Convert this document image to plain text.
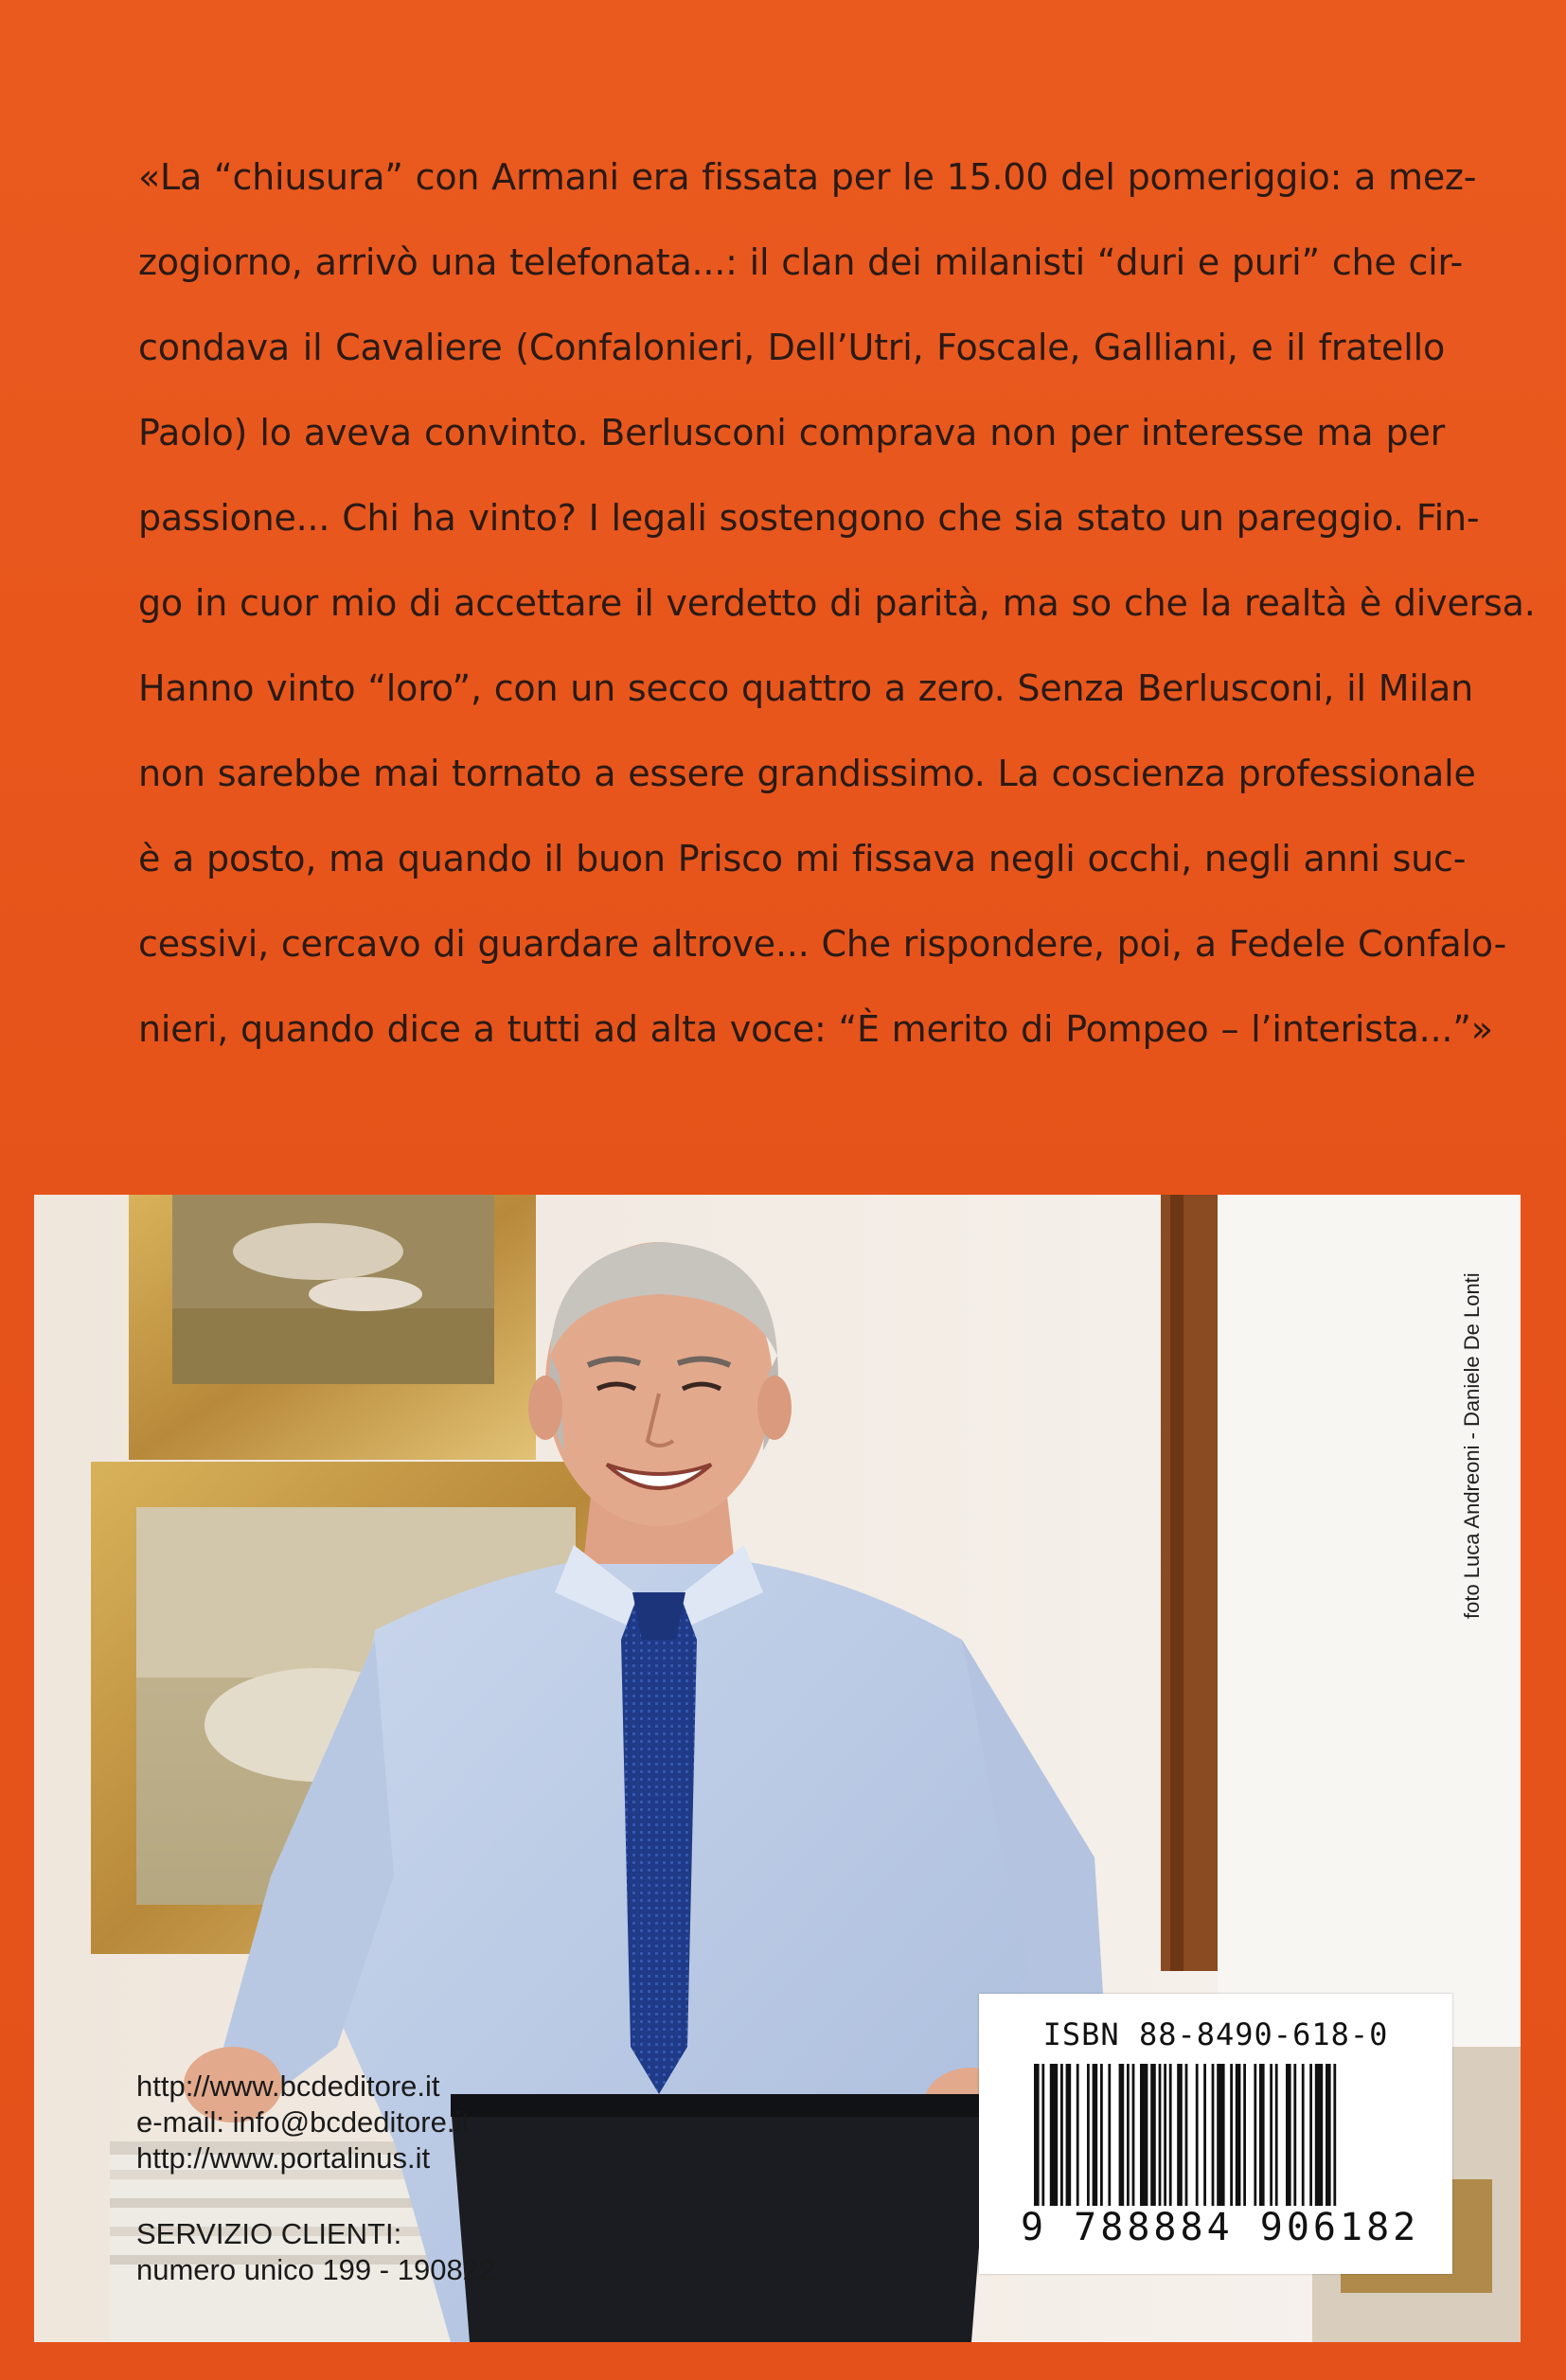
«La “chiusura” con Armani era fissata per le 15.00 del pomeriggio: a mez-
zogiorno, arrivò una telefonata...: il clan dei milanisti “duri e puri” che cir-
condava il Cavaliere (Confalonieri, Dell’Utri, Foscale, Galliani, e il fratello
Paolo) lo aveva convinto. Berlusconi comprava non per interesse ma per
passione... Chi ha vinto? I legali sostengono che sia stato un pareggio. Fin-
go in cuor mio di accettare il verdetto di parità, ma so che la realtà è diversa.
Hanno vinto “loro”, con un secco quattro a zero. Senza Berlusconi, il Milan
non sarebbe mai tornato a essere grandissimo. La coscienza professionale
è a posto, ma quando il buon Prisco mi fissava negli occhi, negli anni suc-
cessivi, cercavo di guardare altrove... Che rispondere, poi, a Fedele Confalo-
nieri, quando dice a tutti ad alta voce: “È merito di Pompeo – l’interista...”»
foto Luca Andreoni - Daniele De Lonti
http://www.bcdeditore.it
e-mail: info@bcdeditore.it
http://www.portalinus.it
SERVIZIO CLIENTI:
numero unico 199 - 190822
ISBN 88-8490-618-0
9 788884 906182
